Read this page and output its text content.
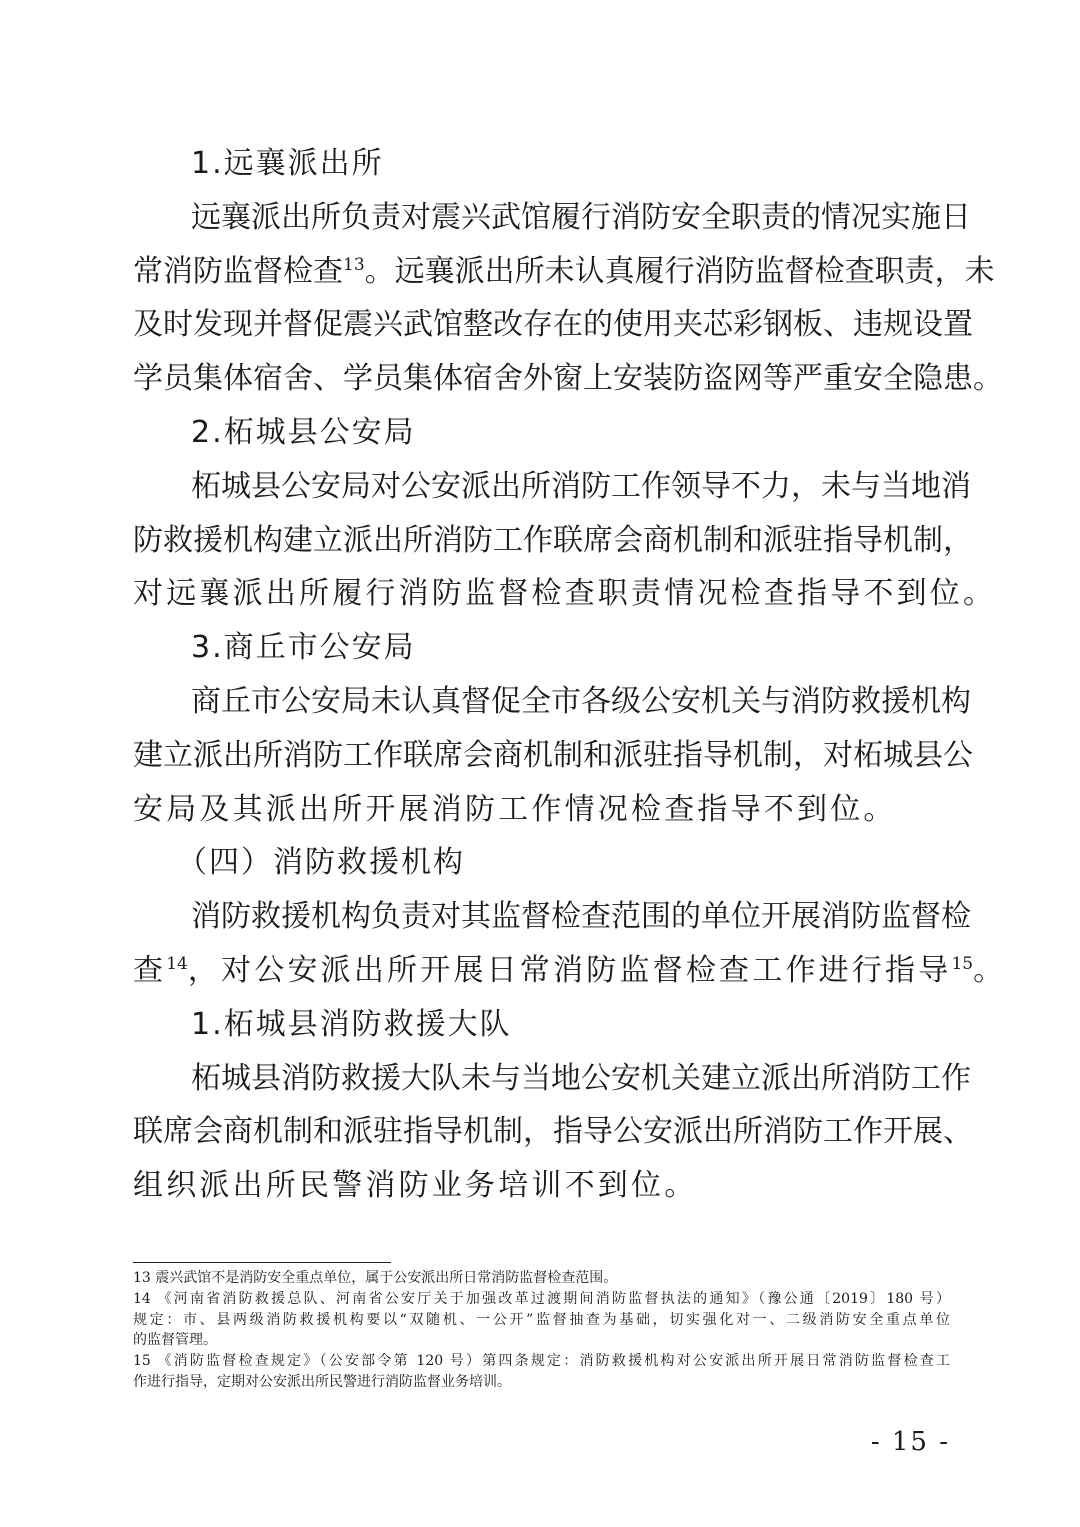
1.远襄派出所
远襄派出所负责对震兴武馆履行消防安全职责的情况实施日
常消防监督检查$^{13}$。远襄派出所未认真履行消防监督检查职责，未
及时发现并督促震兴武馆整改存在的使用夹芯彩钢板、违规设置
学员集体宿舍、学员集体宿舍外窗上安装防盗网等严重安全隐患。
2.柘城县公安局
柘城县公安局对公安派出所消防工作领导不力，未与当地消
防救援机构建立派出所消防工作联席会商机制和派驻指导机制，
对远襄派出所履行消防监督检查职责情况检查指导不到位。
3.商丘市公安局
商丘市公安局未认真督促全市各级公安机关与消防救援机构
建立派出所消防工作联席会商机制和派驻指导机制，对柘城县公
安局及其派出所开展消防工作情况检查指导不到位。
（四）消防救援机构
消防救援机构负责对其监督检查范围的单位开展消防监督检
查$^{14}$，对公安派出所开展日常消防监督检查工作进行指导$^{15}$。
1.柘城县消防救援大队
柘城县消防救援大队未与当地公安机关建立派出所消防工作
联席会商机制和派驻指导机制，指导公安派出所消防工作开展、
组织派出所民警消防业务培训不到位。
13 震兴武馆不是消防安全重点单位，属于公安派出所日常消防监督检查范围。
14 《河南省消防救援总队、河南省公安厅关于加强改革过渡期间消防监督执法的通知》（豫公通〔2019〕180 号）
规定：市、县两级消防救援机构要以“双随机、一公开”监督抽查为基础，切实强化对一、二级消防安全重点单位
的监督管理。
15 《消防监督检查规定》（公安部令第 120 号）第四条规定：消防救援机构对公安派出所开展日常消防监督检查工
作进行指导，定期对公安派出所民警进行消防监督业务培训。
- 15 -
